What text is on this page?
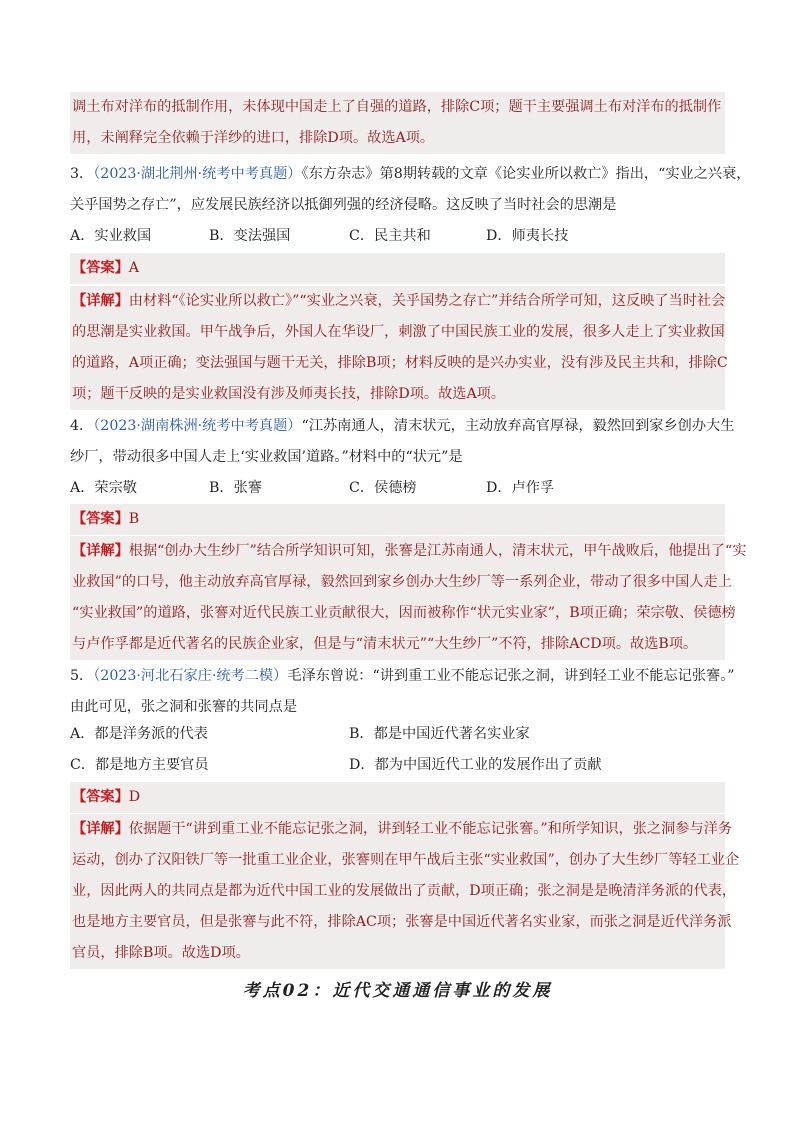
调土布对洋布的抵制作用，未体现中国走上了自强的道路，排除C项；题干主要强调土布对洋布的抵制作
用，未阐释完全依赖于洋纱的进口，排除D项。故选A项。
3．（2023·湖北荆州·统考中考真题）《东方杂志》第8期转载的文章《论实业所以救亡》指出，“实业之兴衰，
关乎国势之存亡”，应发展民族经济以抵御列强的经济侵略。这反映了当时社会的思潮是
A．实业救国	B．变法强国	C．民主共和	D．师夷长技
【答案】A
【详解】由材料“《论实业所以救亡》”“实业之兴衰，关乎国势之存亡”并结合所学可知，这反映了当时社会
的思潮是实业救国。甲午战争后，外国人在华设厂，刺激了中国民族工业的发展，很多人走上了实业救国
的道路，A项正确；变法强国与题干无关，排除B项；材料反映的是兴办实业，没有涉及民主共和，排除C
项；题干反映的是实业救国没有涉及师夷长技，排除D项。故选A项。
4．（2023·湖南株洲·统考中考真题）“江苏南通人，清末状元，主动放弃高官厚禄，毅然回到家乡创办大生
纱厂，带动很多中国人走上‘实业救国’道路。”材料中的“状元”是
A．荣宗敬	B．张謇	C．侯德榜	D．卢作孚
【答案】B
【详解】根据“创办大生纱厂”结合所学知识可知，张謇是江苏南通人，清末状元，甲午战败后，他提出了“实
业救国”的口号，他主动放弃高官厚禄，毅然回到家乡创办大生纱厂等一系列企业，带动了很多中国人走上
“实业救国”的道路，张謇对近代民族工业贡献很大，因而被称作“状元实业家”，B项正确；荣宗敬、侯德榜
与卢作孚都是近代著名的民族企业家，但是与“清末状元”“大生纱厂”不符，排除ACD项。故选B项。
5．（2023·河北石家庄·统考二模）毛泽东曾说：“讲到重工业不能忘记张之洞，讲到轻工业不能忘记张謇。”
由此可见，张之洞和张謇的共同点是
A．都是洋务派的代表	B．都是中国近代著名实业家
C．都是地方主要官员	D．都为中国近代工业的发展作出了贡献
【答案】D
【详解】依据题干“讲到重工业不能忘记张之洞，讲到轻工业不能忘记张謇。”和所学知识，张之洞参与洋务
运动，创办了汉阳铁厂等一批重工业企业，张謇则在甲午战后主张“实业救国”，创办了大生纱厂等轻工业企
业，因此两人的共同点是都为近代中国工业的发展做出了贡献，D项正确；张之洞是是晚清洋务派的代表，
也是地方主要官员，但是张謇与此不符，排除AC项；张謇是中国近代著名实业家，而张之洞是近代洋务派
官员，排除B项。故选D项。
考点02：近代交通通信事业的发展
